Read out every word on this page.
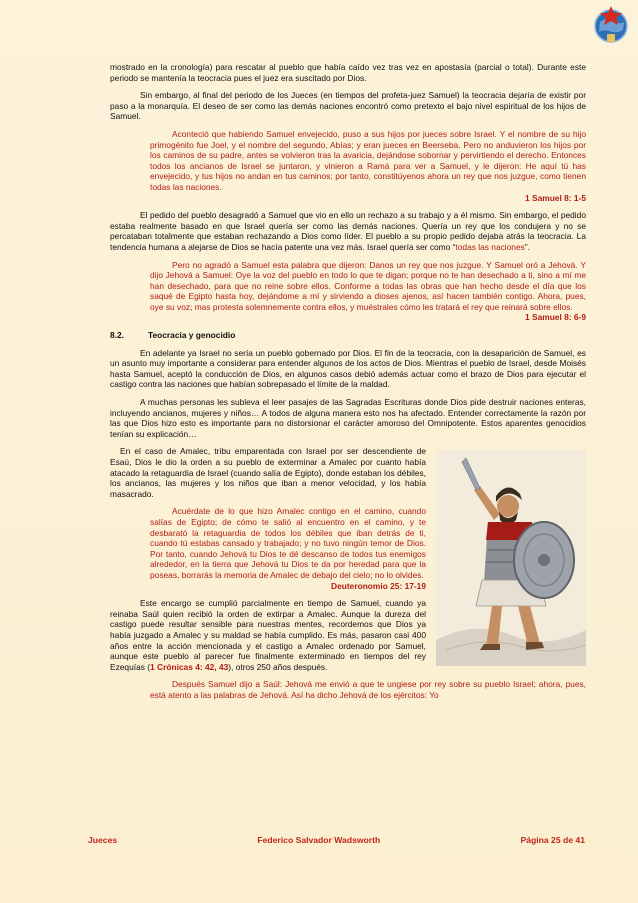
mostrado en la cronología) para rescatar al pueblo que había caído vez tras vez en apostasía (parcial o total). Durante este periodo se mantenía la teocracia pues el juez era suscitado por Dios.

Sin embargo, al final del periodo de los Jueces (en tiempos del profeta-juez Samuel) la teocracia dejaría de existir por paso a la monarquía. El deseo de ser como las demás naciones encontró como pretexto el bajo nivel espiritual de los hijos de Samuel.

Aconteció que habiendo Samuel envejecido, puso a sus hijos por jueces sobre Israel. Y el nombre de su hijo primogénito fue Joel, y el nombre del segundo, Abías; y eran jueces en Beerseba. Pero no anduvieron los hijos por los caminos de su padre, antes se volvieron tras la avaricia, dejándose sobornar y pervirtiendo el derecho. Entonces todos los ancianos de Israel se juntaron, y vinieron a Ramá para ver a Samuel, y le dijeron: He aquí tú has envejecido, y tus hijos no andan en tus caminos; por tanto, constitúyenos ahora un rey que nos juzgue, como tienen todas las naciones.

1 Samuel 8: 1-5

El pedido del pueblo desagradó a Samuel que vio en ello un rechazo a su trabajo y a él mismo. Sin embargo, el pedido estaba realmente basado en que Israel quería ser como las demás naciones. Quería un rey que los condujera y no se percataban totalmente que estaban rechazando a Dios como líder. El pueblo a su propio pedido dejaba atrás la teocracia. La tendencia humana a alejarse de Dios se hacía patente una vez más. Israel quería ser como “todas las naciones”.

Pero no agradó a Samuel esta palabra que dijeron: Danos un rey que nos juzgue. Y Samuel oró a Jehová. Y dijo Jehová a Samuel: Oye la voz del pueblo en todo lo que te digan; porque no te han desechado a ti, sino a mí me han desechado, para que no reine sobre ellos. Conforme a todas las obras que han hecho desde el día que los saqué de Egipto hasta hoy, dejándome a mí y sirviendo a dioses ajenos, así hacen también contigo. Ahora, pues, oye su voz; mas protesta solemnemente contra ellos, y muéstrales cómo les tratará el rey que reinará sobre ellos.

1 Samuel 8: 6-9

8.2.	Teocracia y genocidio

En adelante ya Israel no sería un pueblo gobernado por Dios. El fin de la teocracia, con la desaparición de Samuel, es un asunto muy importante a considerar para entender algunos de los actos de Dios. Mientras el pueblo de Israel, desde Moisés hasta Samuel, aceptó la conducción de Dios, en algunos casos debió además actuar como el brazo de Dios para ejecutar el castigo contra las naciones que habían sobrepasado el límite de la maldad.

A muchas personas les subleva el leer pasajes de las Sagradas Escrituras donde Dios pide destruir naciones enteras, incluyendo ancianos, mujeres y niños… A todos de alguna manera esto nos ha afectado. Entender correctamente la razón por las que Dios hizo esto es importante para no distorsionar el carácter amoroso del Omnipotente. Estos aparentes genocidios tenían su explicación…

En el caso de Amalec, tribu emparentada con Israel por ser descendiente de Esaú, Dios le dio la orden a su pueblo de exterminar a Amalec por cuanto había atacado la retaguardia de Israel (cuando salía de Egipto), donde estaban los débiles, los ancianos, las mujeres y los niños que iban a menor velocidad, y los había masacrado.

Acuérdate de lo que hizo Amalec contigo en el camino, cuando salías de Egipto; de cómo te salió al encuentro en el camino, y te desbarató la retaguardia de todos los débiles que iban detrás de ti, cuando tú estabas cansado y trabajado; y no tuvo ningún temor de Dios. Por tanto, cuando Jehová tu Dios te dé descanso de todos tus enemigos alrededor, en la tierra que Jehová tu Dios te da por heredad para que la poseas, borrarás la memoria de Amalec de debajo del cielo; no lo olvides.

Deuteronomio 25: 17-19

Este encargo se cumplió parcialmente en tiempo de Samuel, cuando ya reinaba Saúl quien recibió la orden de extirpar a Amalec. Aunque la dureza del castigo puede resultar sensible para nuestras mentes, recordemos que Dios ya había juzgado a Amalec y su maldad se había cumplido. Es más, pasaron casi 400 años entre la acción mencionada y el castigo a Amalec ordenado por Samuel, aunque este pueblo al parecer fue finalmente exterminado en tiempos del rey Ezequías (1 Crónicas 4: 42, 43), otros 250 años después.

Después Samuel dijo a Saúl: Jehová me envió a que te ungiese por rey sobre su pueblo Israel; ahora, pues, está atento a las palabras de Jehová. Así ha dicho Jehová de los ejércitos: Yo

Jueces	Federico Salvador Wadsworth	Página 25 de 41
